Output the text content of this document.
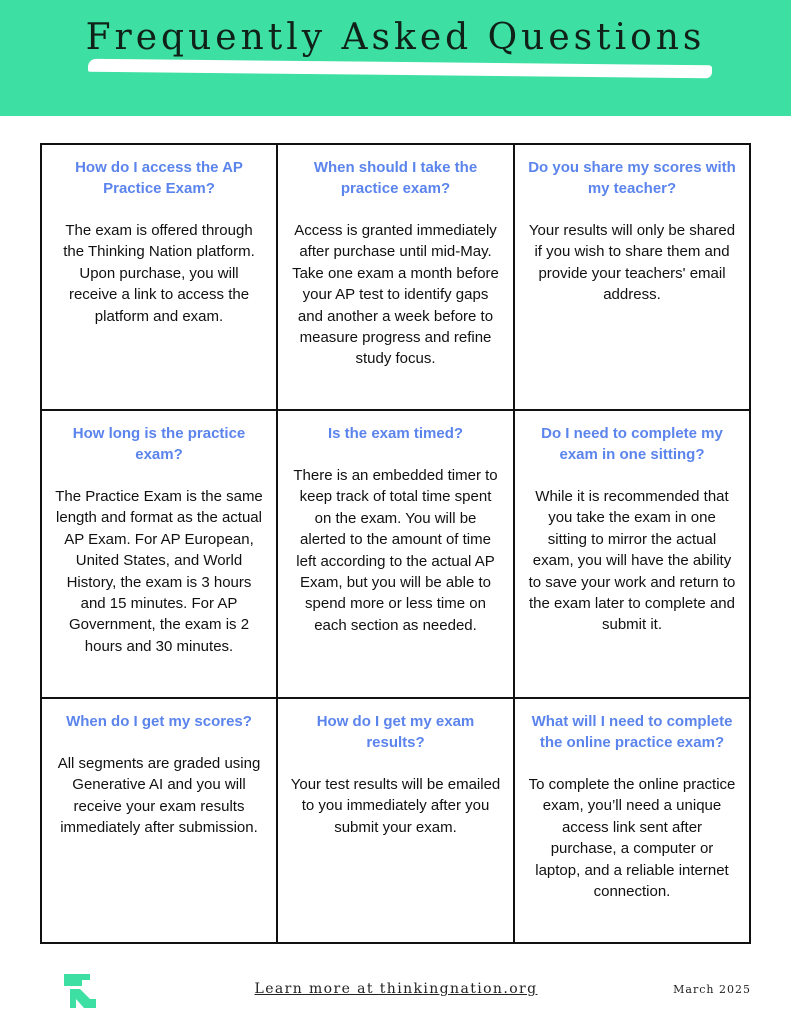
Frequently Asked Questions

How do I access the AP Practice Exam?

The exam is offered through the Thinking Nation platform. Upon purchase, you will receive a link to access the platform and exam.

When should I take the practice exam?

Access is granted immediately after purchase until mid-May. Take one exam a month before your AP test to identify gaps and another a week before to measure progress and refine study focus.

Do you share my scores with my teacher?

Your results will only be shared if you wish to share them and provide your teachers' email address.

How long is the practice exam?

The Practice Exam is the same length and format as the actual AP Exam. For AP European, United States, and World History, the exam is 3 hours and 15 minutes. For AP Government, the exam is 2 hours and 30 minutes.

Is the exam timed?

There is an embedded timer to keep track of total time spent on the exam. You will be alerted to the amount of time left according to the actual AP Exam, but you will be able to spend more or less time on each section as needed.

Do I need to complete my exam in one sitting?

While it is recommended that you take the exam in one sitting to mirror the actual exam, you will have the ability to save your work and return to the exam later to complete and submit it.

When do I get my scores?

All segments are graded using Generative AI and you will receive your exam results immediately after submission.

How do I get my exam results?

Your test results will be emailed to you immediately after you submit your exam.

What will I need to complete the online practice exam?

To complete the online practice exam, you’ll need a unique access link sent after purchase, a computer or laptop, and a reliable internet connection.

Learn more at thinkingnation.org	March 2025
